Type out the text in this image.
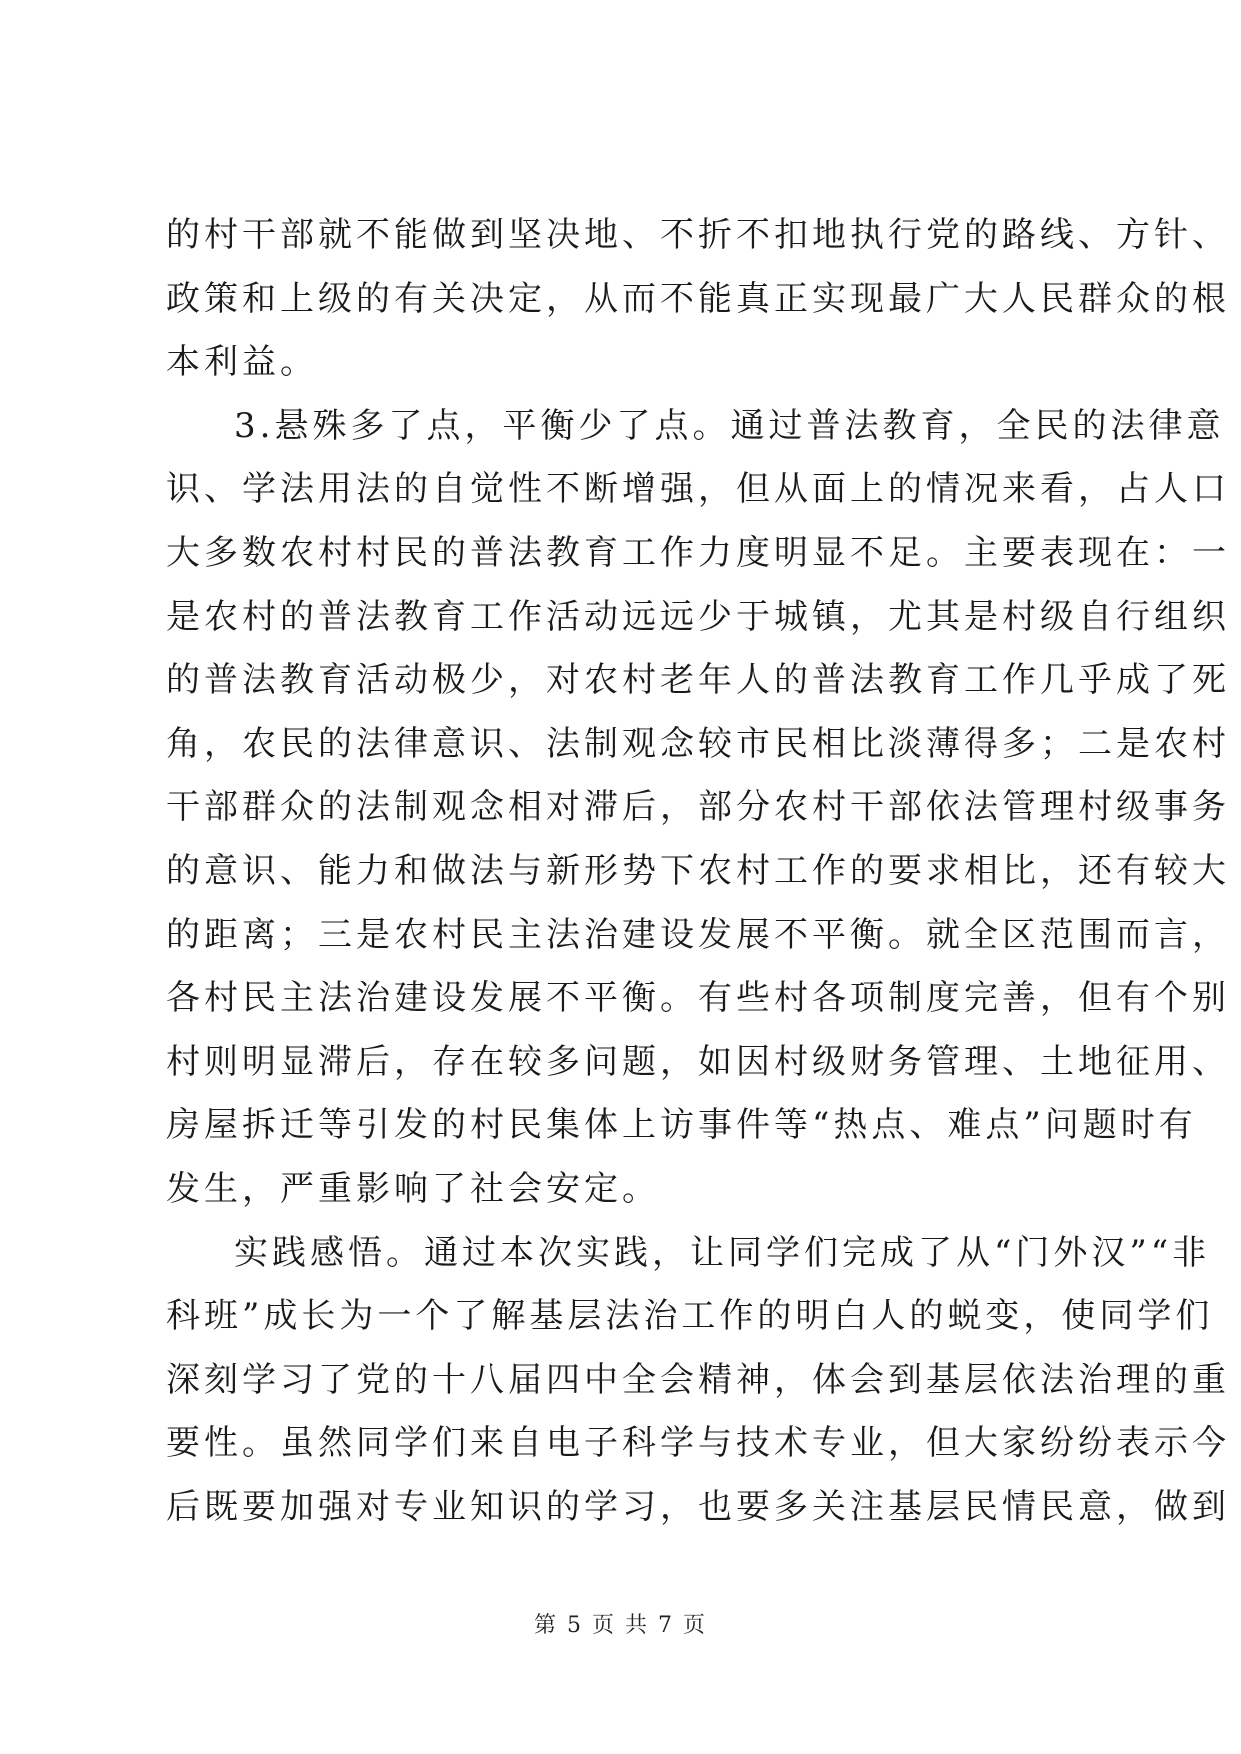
的村干部就不能做到坚决地、不折不扣地执行党的路线、方针、
政策和上级的有关决定，从而不能真正实现最广大人民群众的根
本利益。
3.悬殊多了点，平衡少了点。通过普法教育，全民的法律意
识、学法用法的自觉性不断增强，但从面上的情况来看，占人口
大多数农村村民的普法教育工作力度明显不足。主要表现在：一
是农村的普法教育工作活动远远少于城镇，尤其是村级自行组织
的普法教育活动极少，对农村老年人的普法教育工作几乎成了死
角，农民的法律意识、法制观念较市民相比淡薄得多；二是农村
干部群众的法制观念相对滞后，部分农村干部依法管理村级事务
的意识、能力和做法与新形势下农村工作的要求相比，还有较大
的距离；三是农村民主法治建设发展不平衡。就全区范围而言，
各村民主法治建设发展不平衡。有些村各项制度完善，但有个别
村则明显滞后，存在较多问题，如因村级财务管理、土地征用、
房屋拆迁等引发的村民集体上访事件等“热点、难点”问题时有
发生，严重影响了社会安定。
实践感悟。通过本次实践，让同学们完成了从“门外汉”“非
科班”成长为一个了解基层法治工作的明白人的蜕变，使同学们
深刻学习了党的十八届四中全会精神，体会到基层依法治理的重
要性。虽然同学们来自电子科学与技术专业，但大家纷纷表示今
后既要加强对专业知识的学习，也要多关注基层民情民意，做到
第 5 页 共 7 页
